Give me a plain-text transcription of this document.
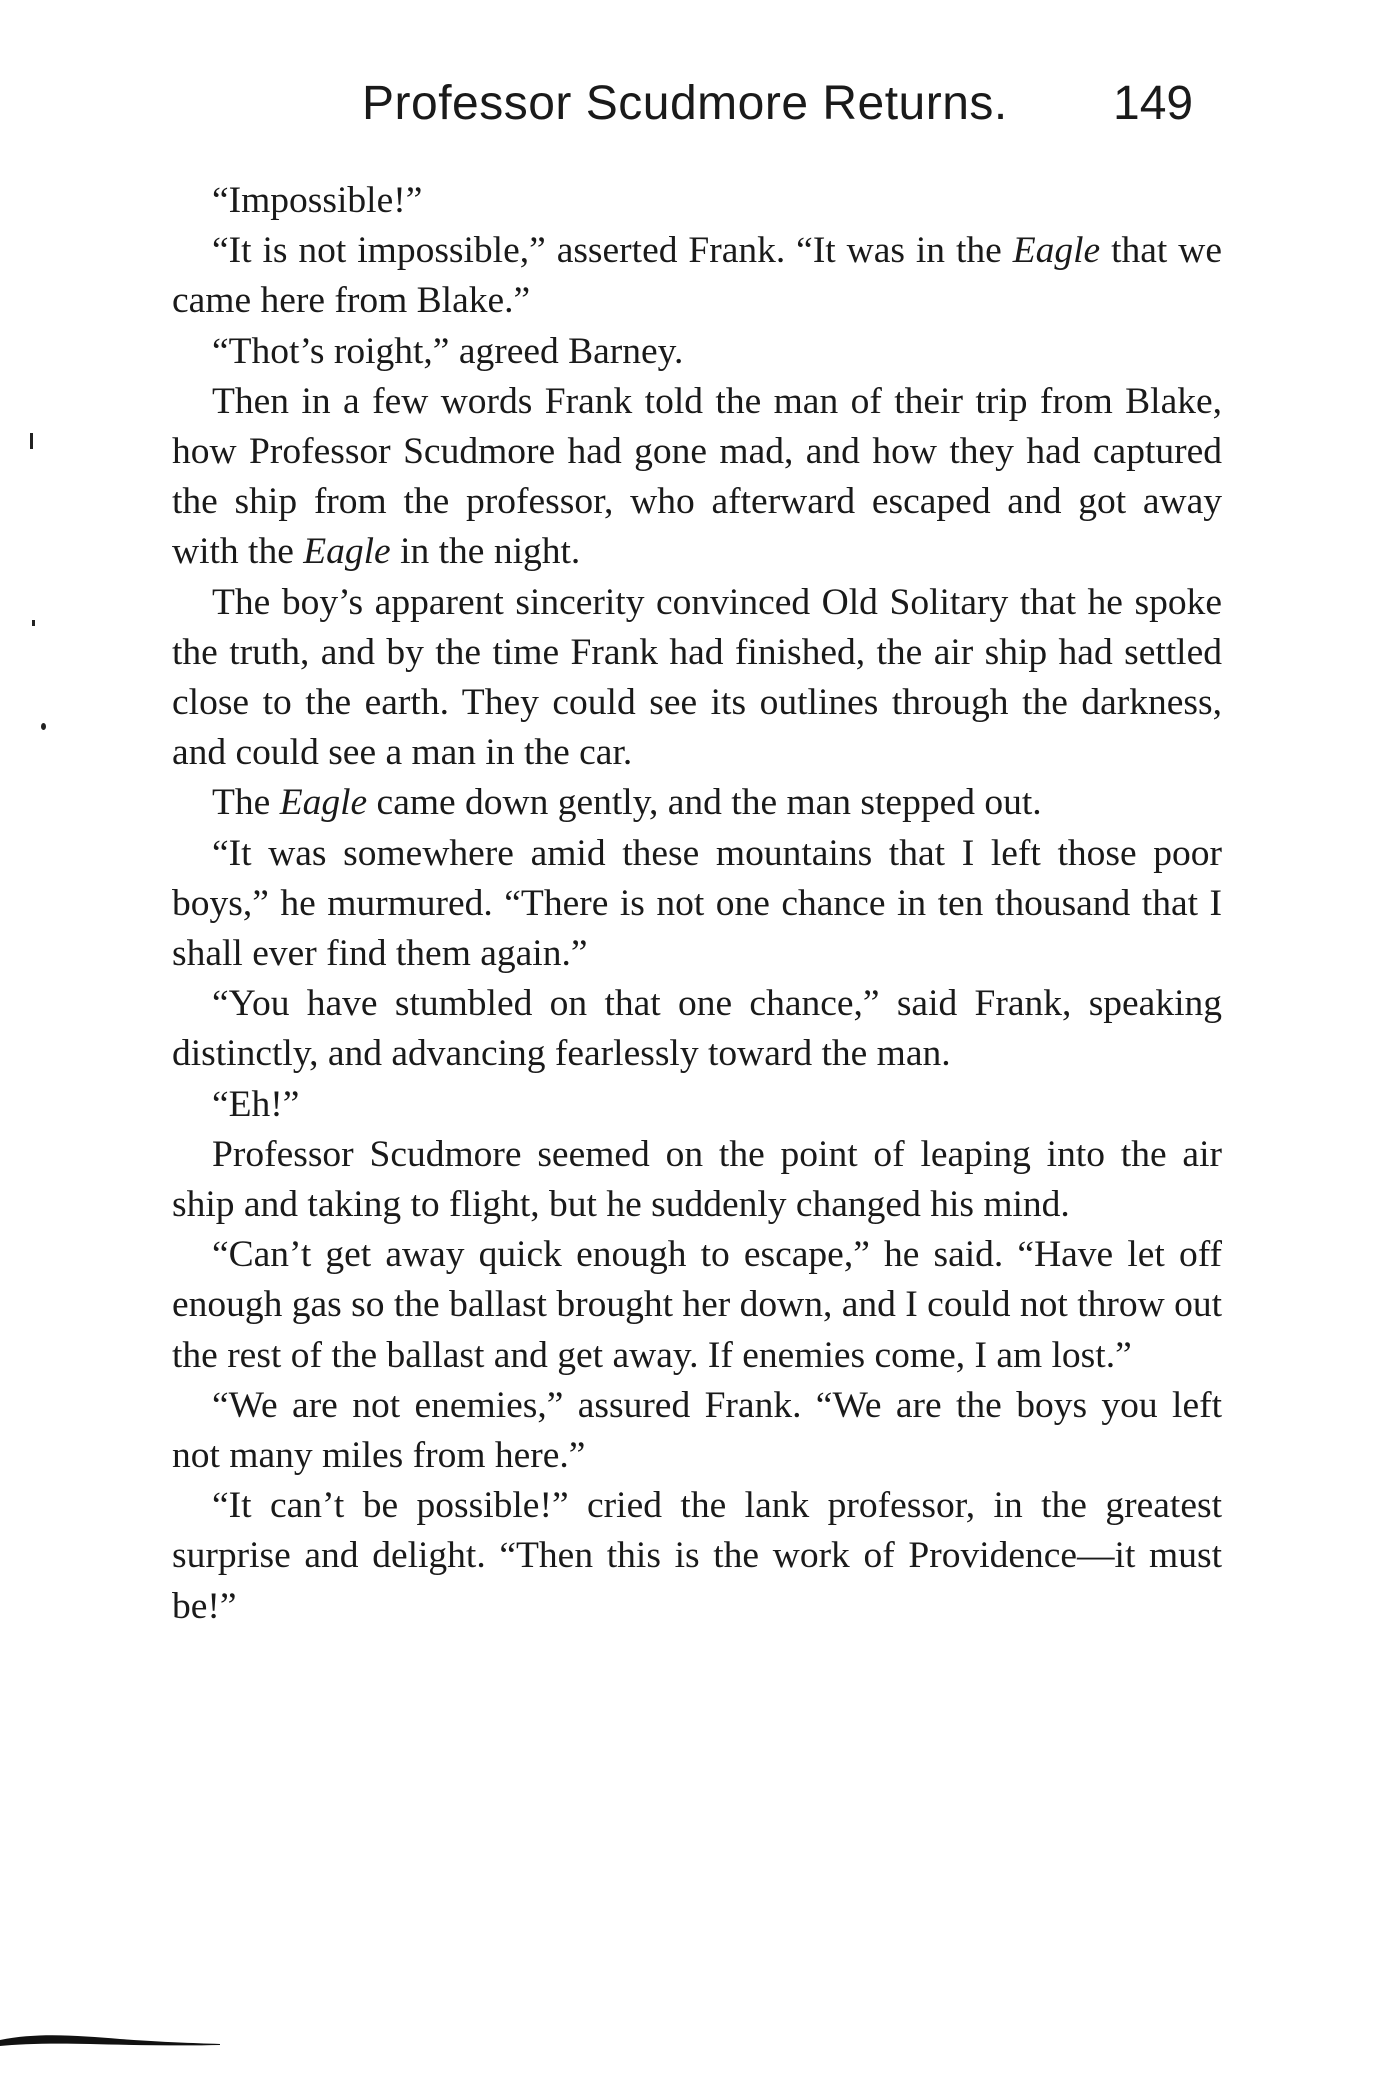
Professor Scudmore Returns. 149

“Impossible!”

“It is not impossible,” asserted Frank. “It was in the Eagle that we came here from Blake.”

“Thot’s roight,” agreed Barney.

Then in a few words Frank told the man of their trip from Blake, how Professor Scudmore had gone mad, and how they had captured the ship from the professor, who afterward escaped and got away with the Eagle in the night.

The boy’s apparent sincerity convinced Old Solitary that he spoke the truth, and by the time Frank had finished, the air ship had settled close to the earth. They could see its outlines through the darkness, and could see a man in the car.

The Eagle came down gently, and the man stepped out.

“It was somewhere amid these mountains that I left those poor boys,” he murmured. “There is not one chance in ten thousand that I shall ever find them again.”

“You have stumbled on that one chance,” said Frank, speaking distinctly, and advancing fearlessly toward the man.

“Eh!”

Professor Scudmore seemed on the point of leaping into the air ship and taking to flight, but he suddenly changed his mind.

“Can’t get away quick enough to escape,” he said. “Have let off enough gas so the ballast brought her down, and I could not throw out the rest of the ballast and get away. If enemies come, I am lost.”

“We are not enemies,” assured Frank. “We are the boys you left not many miles from here.”

“It can’t be possible!” cried the lank professor, in the greatest surprise and delight. “Then this is the work of Providence—it must be!”
